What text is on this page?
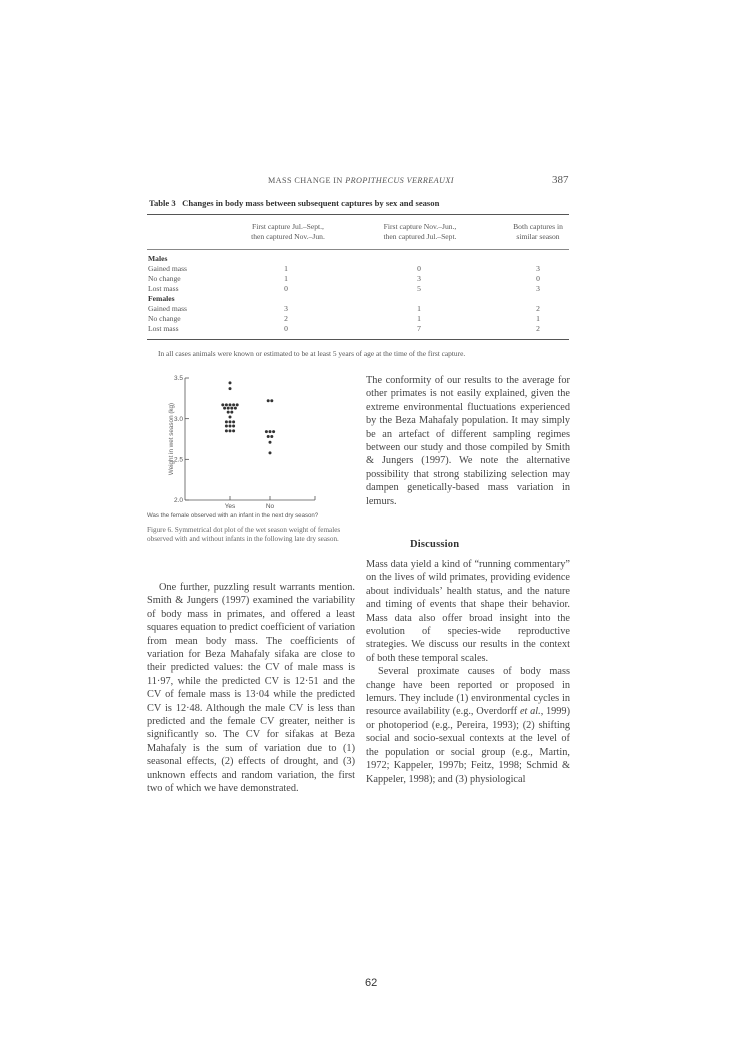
MASS CHANGE IN PROPITHECUS VERREAUXI	387
Table 3 Changes in body mass between subsequent captures by sex and season
First capture Jul.–Sept.,
then captured Nov.–Jun.
First capture Nov.–Jun.,
then captured Jul.–Sept.
Both captures in
similar season
Males
Gained mass	1	0	3
No change	1	3	0
Lost mass	0	5	3
Females
Gained mass	3	1	2
No change	2	1	1
Lost mass	0	7	2
In all cases animals were known or estimated to be at least 5 years of age at the time of the first capture.
2.0
2.5
3.0
3.5
Yes	No
Weight in wet season (kg)
Was the female observed with an infant in the next dry season?
Figure 6. Symmetrical dot plot of the wet season weight of females observed with and without infants in the following late dry season.

One further, puzzling result warrants mention. Smith & Jungers (1997) examined the variability of body mass in primates, and offered a least squares equation to predict coefficient of variation from mean body mass. The coefficients of variation for Beza Mahafaly sifaka are close to their predicted values: the CV of male mass is 11·97, while the predicted CV is 12·51 and the CV of female mass is 13·04 while the predicted CV is 12·48. Although the male CV is less than predicted and the female CV greater, neither is significantly so. The CV for sifakas at Beza Mahafaly is the sum of variation due to (1) seasonal effects, (2) effects of drought, and (3) unknown effects and random variation, the first two of which we have demonstrated.

The conformity of our results to the average for other primates is not easily explained, given the extreme environmental fluctuations experienced by the Beza Mahafaly population. It may simply be an artefact of different sampling regimes between our study and those compiled by Smith & Jungers (1997). We note the alternative possibility that strong stabilizing selection may dampen genetically-based mass variation in lemurs.

Discussion

Mass data yield a kind of “running commentary” on the lives of wild primates, providing evidence about individuals’ health status, and the nature and timing of events that shape their behavior. Mass data also offer broad insight into the evolution of species-wide reproductive strategies. We discuss our results in the context of both these temporal scales.

Several proximate causes of body mass change have been reported or proposed in lemurs. They include (1) environmental cycles in resource availability (e.g., Overdorff et al., 1999) or photoperiod (e.g., Pereira, 1993); (2) shifting social and socio-sexual contexts at the level of the population or social group (e.g., Martin, 1972; Kappeler, 1997b; Feitz, 1998; Schmid & Kappeler, 1998); and (3) physiological

62
